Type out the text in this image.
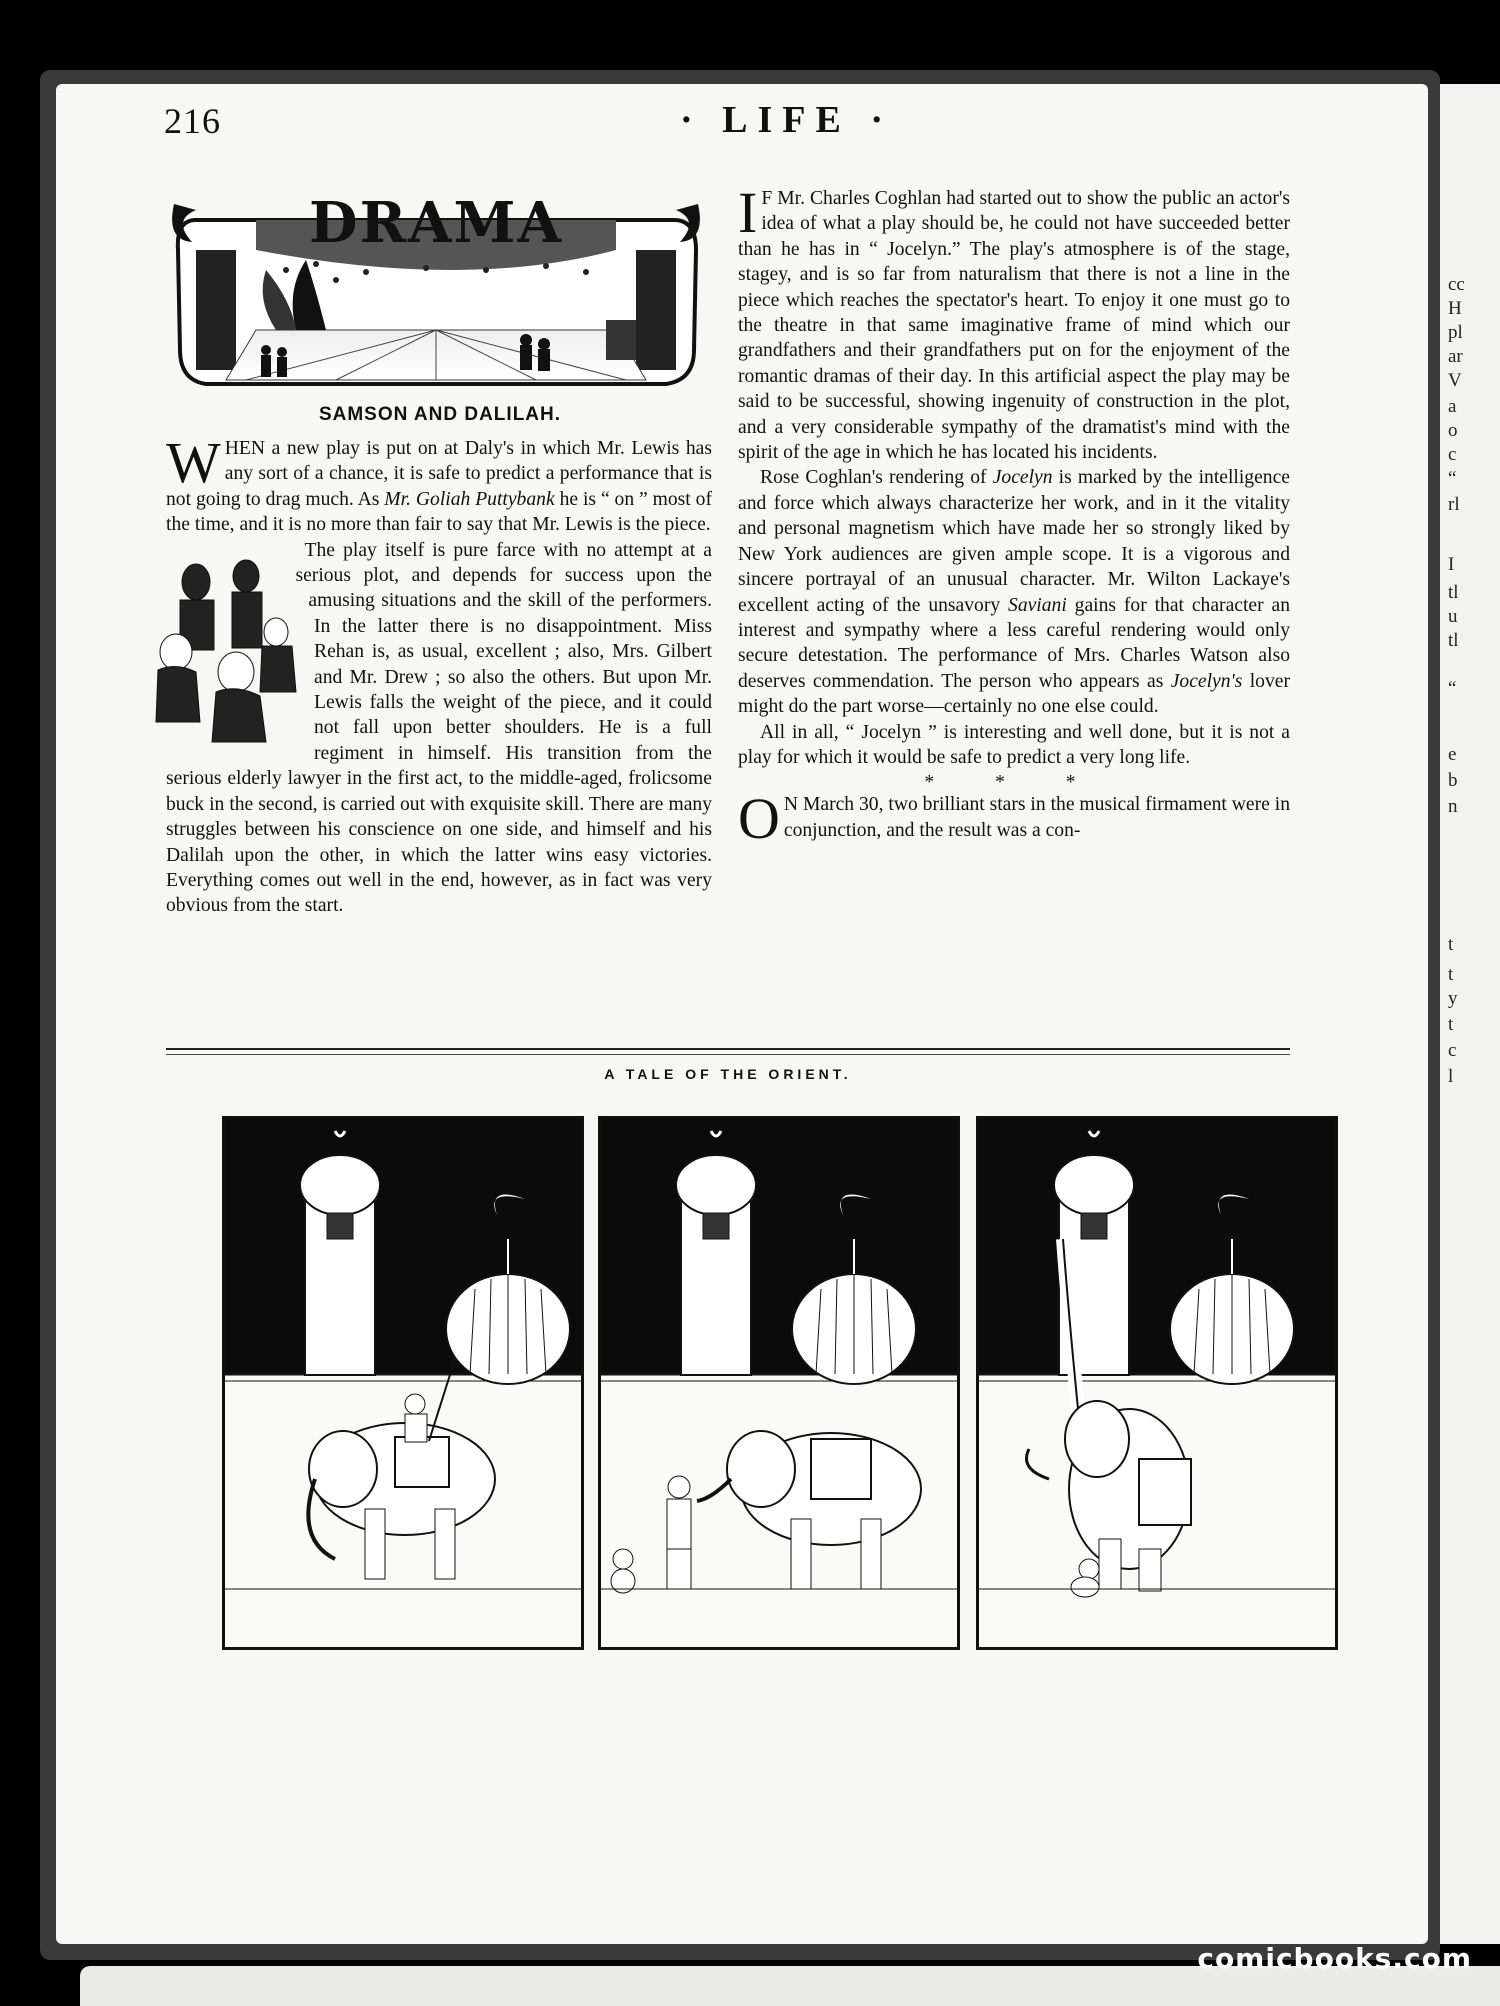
cc
H
pl
ar
V
a
o
c
“
rl
I
tl
u
tl
“
e
b
n
t
t
y
t
c
l
216	· LIFE ·
DRAMA
SAMSON AND DALILAH.

WHEN a new play is put on at Daly's in which Mr. Lewis has any sort of a chance, it is safe to predict a performance that is not going to drag much. As Mr. Goliah Puttybank he is “ on ” most of the time, and it is no more than fair to say that Mr. Lewis is the piece.

The play itself is pure farce with no attempt at a serious plot, and depends for success upon the amusing situations and the skill of the performers. In the latter there is no disappointment. Miss Rehan is, as usual, excellent ; also, Mrs. Gilbert and Mr. Drew ; so also the others. But upon Mr. Lewis falls the weight of the piece, and it could not fall upon better shoulders. He is a full regiment in himself. His transition from the serious elderly lawyer in the first act, to the middle-aged, frolicsome buck in the second, is carried out with exquisite skill. There are many struggles between his conscience on one side, and himself and his Dalilah upon the other, in which the latter wins easy victories. Everything comes out well in the end, however, as in fact was very obvious from the start.

I F Mr. Charles Coghlan had started out to show the public an actor's idea of what a play should be, he could not have succeeded better than he has in “ Jocelyn.” The play's atmosphere is of the stage, stagey, and is so far from naturalism that there is not a line in the piece which reaches the spectator's heart. To enjoy it one must go to the theatre in that same imaginative frame of mind which our grandfathers and their grandfathers put on for the enjoyment of the romantic dramas of their day. In this artificial aspect the play may be said to be successful, showing ingenuity of construction in the plot, and a very considerable sympathy of the dramatist's mind with the spirit of the age in which he has located his incidents.

Rose Coghlan's rendering of Jocelyn is marked by the intelligence and force which always characterize her work, and in it the vitality and personal magnetism which have made her so strongly liked by New York audiences are given ample scope. It is a vigorous and sincere portrayal of an unusual character. Mr. Wilton Lackaye's excellent acting of the unsavory Saviani gains for that character an interest and sympathy where a less careful rendering would only secure detestation. The performance of Mrs. Charles Watson also deserves commendation. The person who appears as Jocelyn's lover might do the part worse—certainly no one else could.

All in all, “ Jocelyn ” is interesting and well done, but it is not a play for which it would be safe to predict a very long life.

* * *

O N March 30, two brilliant stars in the musical firmament were in conjunction, and the result was a con-

A TALE OF THE ORIENT.
comicbooks.com
